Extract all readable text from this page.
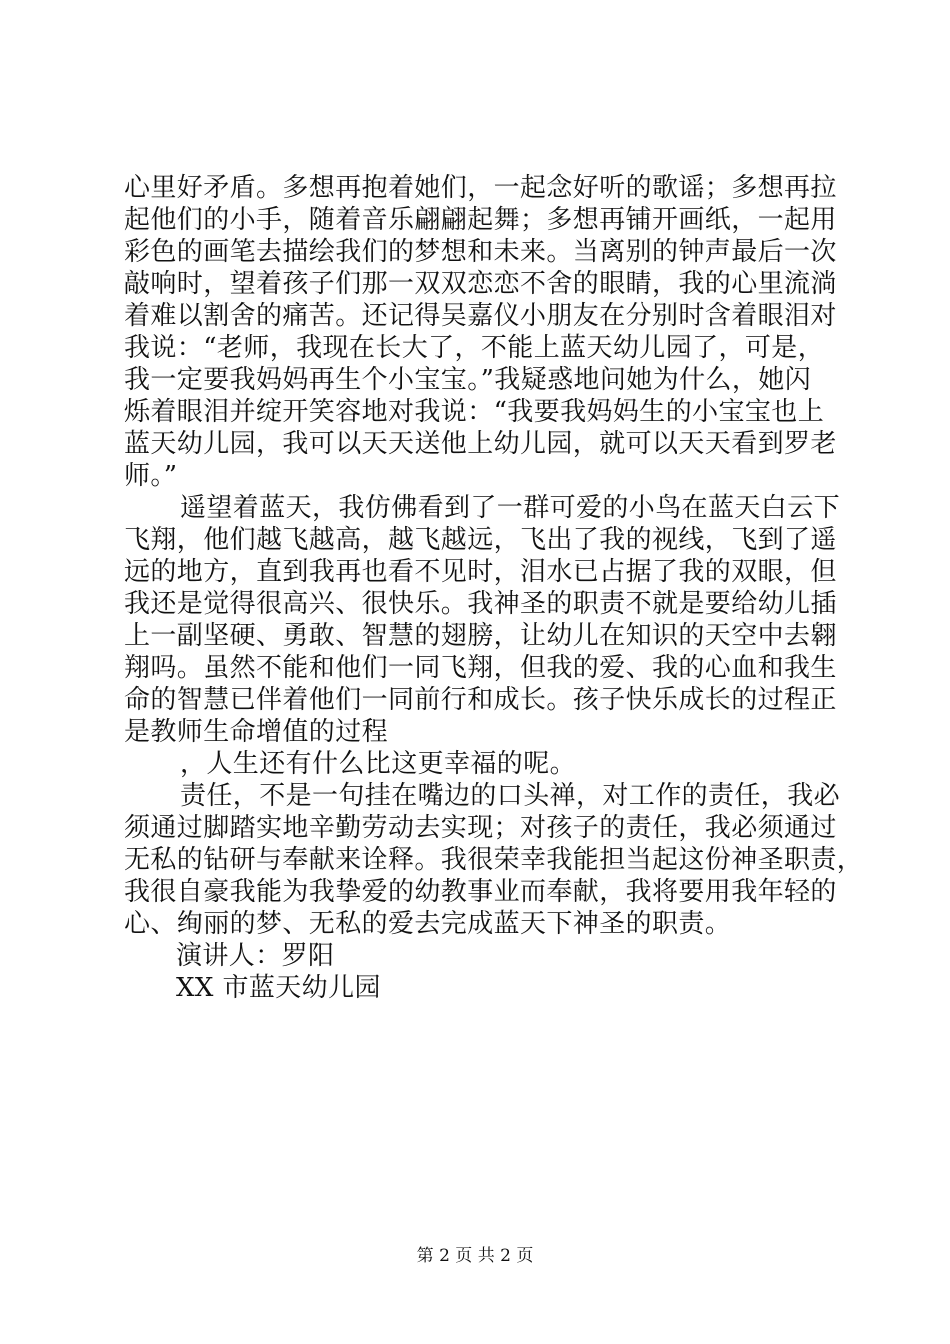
心里好矛盾。多想再抱着她们，一起念好听的歌谣；多想再拉
起他们的小手，随着音乐翩翩起舞；多想再铺开画纸，一起用
彩色的画笔去描绘我们的梦想和未来。当离别的钟声最后一次
敲响时，望着孩子们那一双双恋恋不舍的眼睛，我的心里流淌
着难以割舍的痛苦。还记得吴嘉仪小朋友在分别时含着眼泪对
我说：“老师，我现在长大了，不能上蓝天幼儿园了，可是，
我一定要我妈妈再生个小宝宝。”我疑惑地问她为什么，她闪
烁着眼泪并绽开笑容地对我说：“我要我妈妈生的小宝宝也上
蓝天幼儿园，我可以天天送他上幼儿园，就可以天天看到罗老
师。”
遥望着蓝天，我仿佛看到了一群可爱的小鸟在蓝天白云下
飞翔，他们越飞越高，越飞越远，飞出了我的视线，飞到了遥
远的地方，直到我再也看不见时，泪水已占据了我的双眼，但
我还是觉得很高兴、很快乐。我神圣的职责不就是要给幼儿插
上一副坚硬、勇敢、智慧的翅膀，让幼儿在知识的天空中去翱
翔吗。虽然不能和他们一同飞翔，但我的爱、我的心血和我生
命的智慧已伴着他们一同前行和成长。孩子快乐成长的过程正
是教师生命增值的过程
，人生还有什么比这更幸福的呢。
责任，不是一句挂在嘴边的口头禅，对工作的责任，我必
须通过脚踏实地辛勤劳动去实现；对孩子的责任，我必须通过
无私的钻研与奉献来诠释。我很荣幸我能担当起这份神圣职责，
我很自豪我能为我挚爱的幼教事业而奉献，我将要用我年轻的
心、绚丽的梦、无私的爱去完成蓝天下神圣的职责。
演讲人：罗阳
XX 市蓝天幼儿园
第 2 页 共 2 页
